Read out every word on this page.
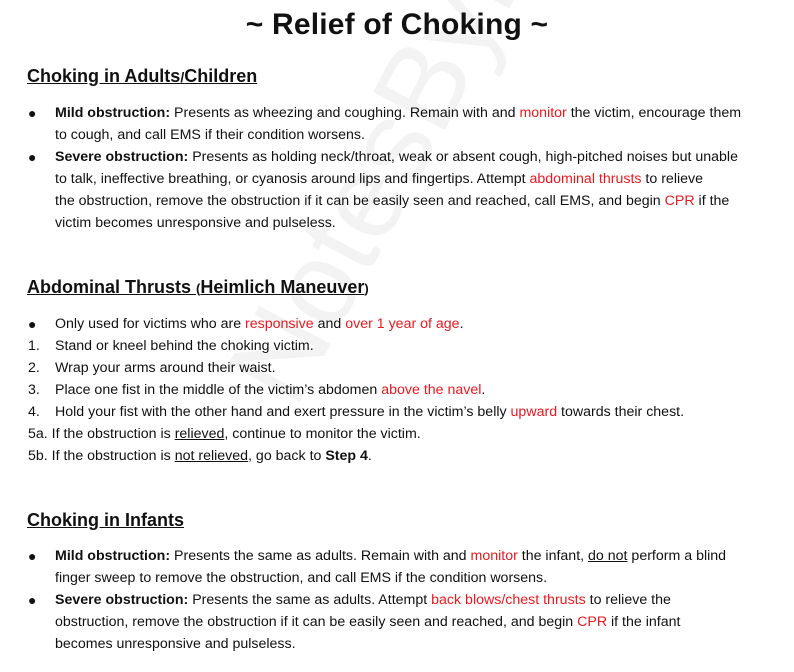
~ Relief of Choking ~
Choking in Adults/Children
● Mild obstruction: Presents as wheezing and coughing. Remain with and monitor the victim, encourage them
to cough, and call EMS if their condition worsens.
● Severe obstruction: Presents as holding neck/throat, weak or absent cough, high-pitched noises but unable
to talk, ineffective breathing, or cyanosis around lips and fingertips. Attempt abdominal thrusts to relieve
the obstruction, remove the obstruction if it can be easily seen and reached, call EMS, and begin CPR if the
victim becomes unresponsive and pulseless.
Abdominal Thrusts (Heimlich Maneuver)
● Only used for victims who are responsive and over 1 year of age.
1. Stand or kneel behind the choking victim.
2. Wrap your arms around their waist.
3. Place one fist in the middle of the victim’s abdomen above the navel.
4. Hold your fist with the other hand and exert pressure in the victim’s belly upward towards their chest.
5a. If the obstruction is relieved, continue to monitor the victim.
5b. If the obstruction is not relieved, go back to Step 4.
Choking in Infants
● Mild obstruction: Presents the same as adults. Remain with and monitor the infant, do not perform a blind
finger sweep to remove the obstruction, and call EMS if the condition worsens.
● Severe obstruction: Presents the same as adults. Attempt back blows/chest thrusts to relieve the
obstruction, remove the obstruction if it can be easily seen and reached, and begin CPR if the infant
becomes unresponsive and pulseless.
